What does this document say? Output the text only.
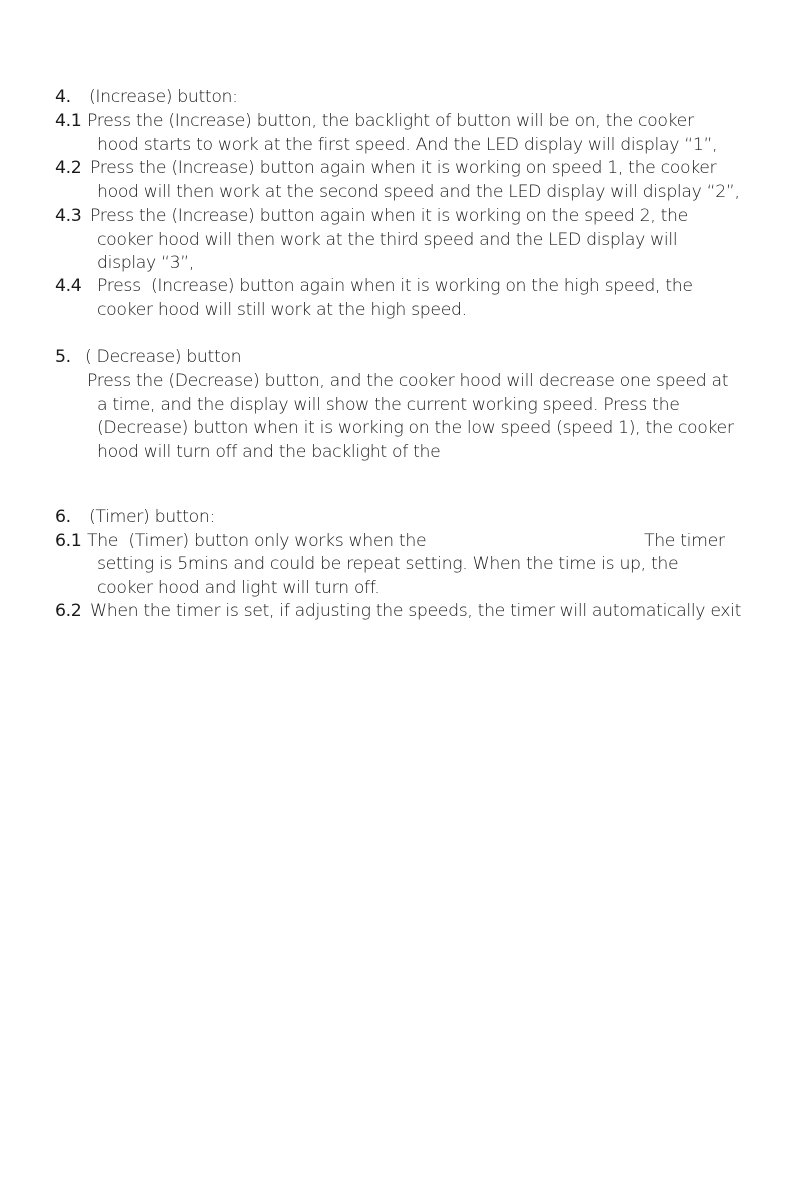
4. (Increase) button:
4.1 Press the (Increase) button, the backlight of button will be on, the cooker
hood starts to work at the first speed. And the LED display will display “1”,
4.2 Press the (Increase) button again when it is working on speed 1, the cooker
hood will then work at the second speed and the LED display will display “2”,
4.3 Press the (Increase) button again when it is working on the speed 2, the
cooker hood will then work at the third speed and the LED display will
display “3”,
4.4 Press  (Increase) button again when it is working on the high speed, the
cooker hood will still work at the high speed.
5. ( Decrease) button
Press the (Decrease) button, and the cooker hood will decrease one speed at
a time, and the display will show the current working speed. Press the
(Decrease) button when it is working on the low speed (speed 1), the cooker
hood will turn off and the backlight of the
6. (Timer) button:
6.1 The  (Timer) button only works when the	The timer
setting is 5mins and could be repeat setting. When the time is up, the
cooker hood and light will turn off.
6.2 When the timer is set, if adjusting the speeds, the timer will automatically exit
